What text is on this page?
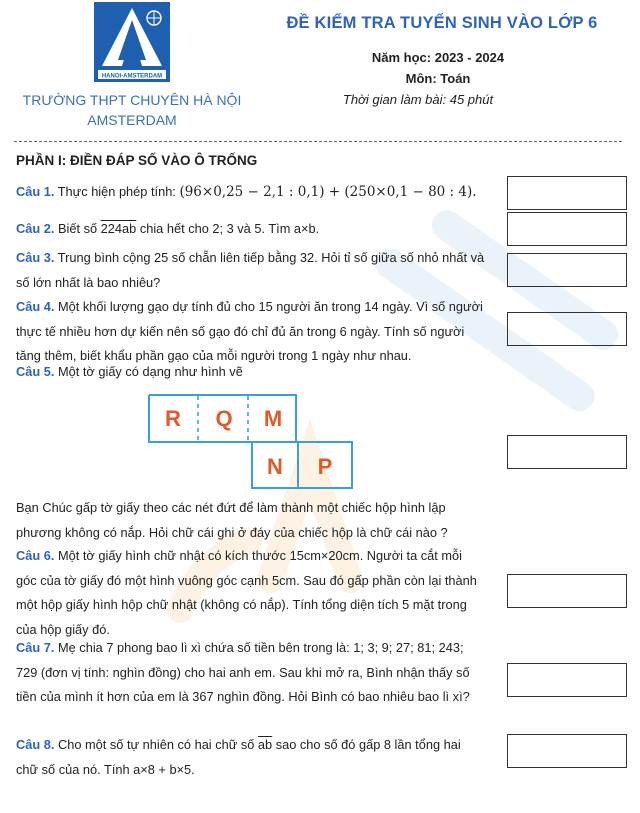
HANOI-AMSTERDAM
TRƯỜNG THPT CHUYÊN HÀ NỘI
AMSTERDAM
ĐỀ KIỂM TRA TUYỂN SINH VÀO LỚP 6
Năm học: 2023 - 2024
Môn: Toán
Thời gian làm bài: 45 phút
PHẦN I: ĐIỀN ĐÁP SỐ VÀO Ô TRỐNG
Câu 1. Thực hiện phép tính: (96×0,25 − 2,1 : 0,1) + (250×0,1 − 80 : 4).
Câu 2. Biết số 224ab chia hết cho 2; 3 và 5. Tìm a×b.
Câu 3. Trung bình cộng 25 số chẵn liên tiếp bằng 32. Hỏi tỉ số giữa số nhỏ nhất và số lớn nhất là bao nhiêu?
Câu 4. Một khối lượng gạo dự tính đủ cho 15 người ăn trong 14 ngày. Vì số người thực tế nhiều hơn dự kiến nên số gạo đó chỉ đủ ăn trong 6 ngày. Tính số người tăng thêm, biết khẩu phần gạo của mỗi người trong 1 ngày như nhau.
Câu 5. Một tờ giấy có dạng như hình vẽ
R Q M
N P
Bạn Chúc gấp tờ giấy theo các nét đứt để làm thành một chiếc hộp hình lập phương không có nắp. Hỏi chữ cái ghi ở đáy của chiếc hộp là chữ cái nào ?
Câu 6. Một tờ giấy hình chữ nhật có kích thước 15cm×20cm. Người ta cắt mỗi góc của tờ giấy đó một hình vuông góc cạnh 5cm. Sau đó gấp phần còn lại thành một hộp giấy hình hộp chữ nhật (không có nắp). Tính tổng diện tích 5 mặt trong của hộp giấy đó.
Câu 7. Mẹ chia 7 phong bao lì xì chứa số tiền bên trong là: 1; 3; 9; 27; 81; 243; 729 (đơn vị tính: nghìn đồng) cho hai anh em. Sau khi mở ra, Bình nhận thấy số tiền của mình ít hơn của em là 367 nghìn đồng. Hỏi Bình có bao nhiêu bao lì xì?
Câu 8. Cho một số tự nhiên có hai chữ số $\overline{ab}$ sao cho số đó gấp 8 lần tổng hai chữ số của nó. Tính a×8 + b×5.
